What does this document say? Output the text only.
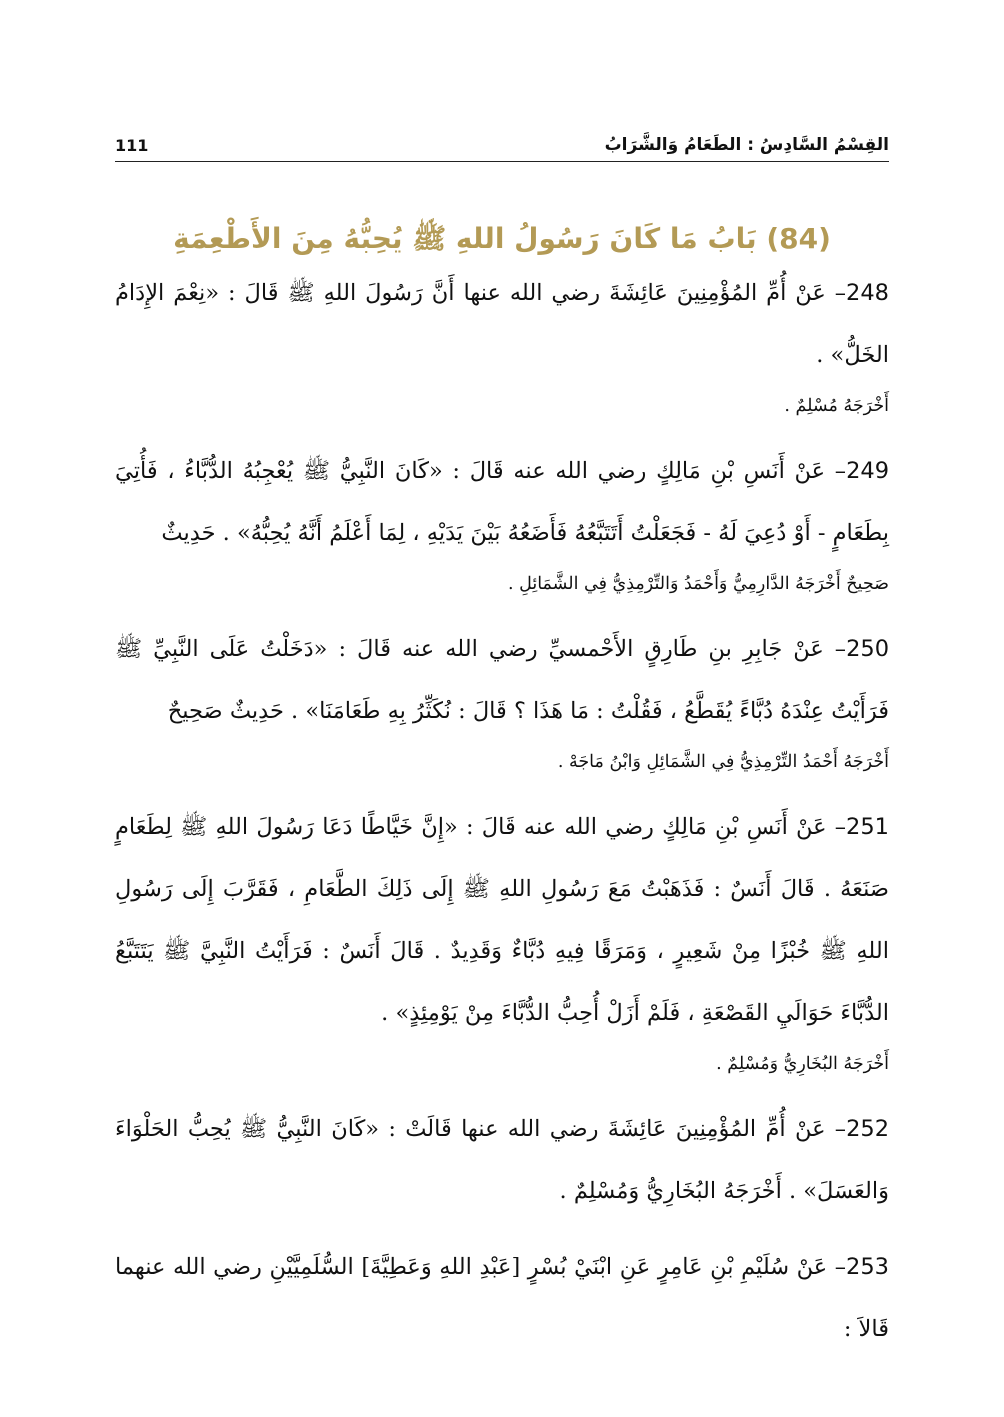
القِسْمُ السَّادِسُ : الطَعَامُ وَالشَّرَابُ
111
(84) بَابُ مَا كَانَ رَسُولُ اللهِ ﷺ يُحِبُّهُ مِنَ الأَطْعِمَةِ

248– عَنْ أُمِّ المُؤْمِنِينَ عَائِشَةَ رضي الله عنها أَنَّ رَسُولَ اللهِ ﷺ قَالَ : «نِعْمَ الإِدَامُ الخَلُّ» .

أَخْرَجَهُ مُسْلِمٌ .

249– عَنْ أَنَسِ بْنِ مَالِكٍ رضي الله عنه قَالَ : «كَانَ النَّبِيُّ ﷺ يُعْجِبُهُ الدُّبَّاءُ ، فَأُتِيَ بِطَعَامٍ - أَوْ دُعِيَ لَهُ - فَجَعَلْتُ أَتَتَبَّعُهُ فَأَضَعُهُ بَيْنَ يَدَيْهِ ، لِمَا أَعْلَمُ أَنَّهُ يُحِبُّهُ» . حَدِيثٌ

صَحِيحٌ أَخْرَجَهُ الدَّارِمِيُّ وَأَحْمَدُ وَالتِّرْمِذِيُّ فِي الشَّمَائِلِ .

250– عَنْ جَابِرِ بنِ طَارِقٍ الأَحْمسيِّ رضي الله عنه قَالَ : «دَخَلْتُ عَلَى النَّبِيِّ ﷺ فَرَأَيْتُ عِنْدَهُ دُبَّاءً يُقَطَّعُ ، فَقُلْتُ : مَا هَذَا ؟ قَالَ : نُكَثِّرُ بِهِ طَعَامَنَا» . حَدِيثٌ صَحِيحٌ

أَخْرَجَهُ أَحْمَدُ التِّرْمِذِيُّ فِي الشَّمَائِلِ وَابْنُ مَاجَهْ .

251– عَنْ أَنَسِ بْنِ مَالِكٍ رضي الله عنه قَالَ : «إِنَّ خَيَّاطًا دَعَا رَسُولَ اللهِ ﷺ لِطَعَامٍ صَنَعَهُ . قَالَ أَنَسٌ : فَذَهَبْتُ مَعَ رَسُولِ اللهِ ﷺ إِلَى ذَلِكَ الطَّعَامِ ، فَقَرَّبَ إِلَى رَسُولِ اللهِ ﷺ خُبْزًا مِنْ شَعِيرٍ ، وَمَرَقًا فِيهِ دُبَّاءٌ وَقَدِيدٌ . قَالَ أَنَسٌ : فَرَأَيْتُ النَّبِيَّ ﷺ يَتَتَبَّعُ الدُّبَّاءَ حَوَالَيِ القَصْعَةِ ، فَلَمْ أَزَلْ أُحِبُّ الدُّبَّاءَ مِنْ يَوْمِئِذٍ» .

أَخْرَجَهُ البُخَارِيُّ وَمُسْلِمٌ .

252– عَنْ أُمِّ المُؤْمِنِينَ عَائِشَةَ رضي الله عنها قَالَتْ : «كَانَ النَّبِيُّ ﷺ يُحِبُّ الحَلْوَاءَ وَالعَسَلَ» . أَخْرَجَهُ البُخَارِيُّ وَمُسْلِمٌ .

253– عَنْ سُلَيْمِ بْنِ عَامِرٍ عَنِ ابْنَيْ بُسْرٍ [عَبْدِ اللهِ وَعَطِيَّةَ] السُّلَمِيَّيْنِ رضي الله عنهما قَالاَ :
